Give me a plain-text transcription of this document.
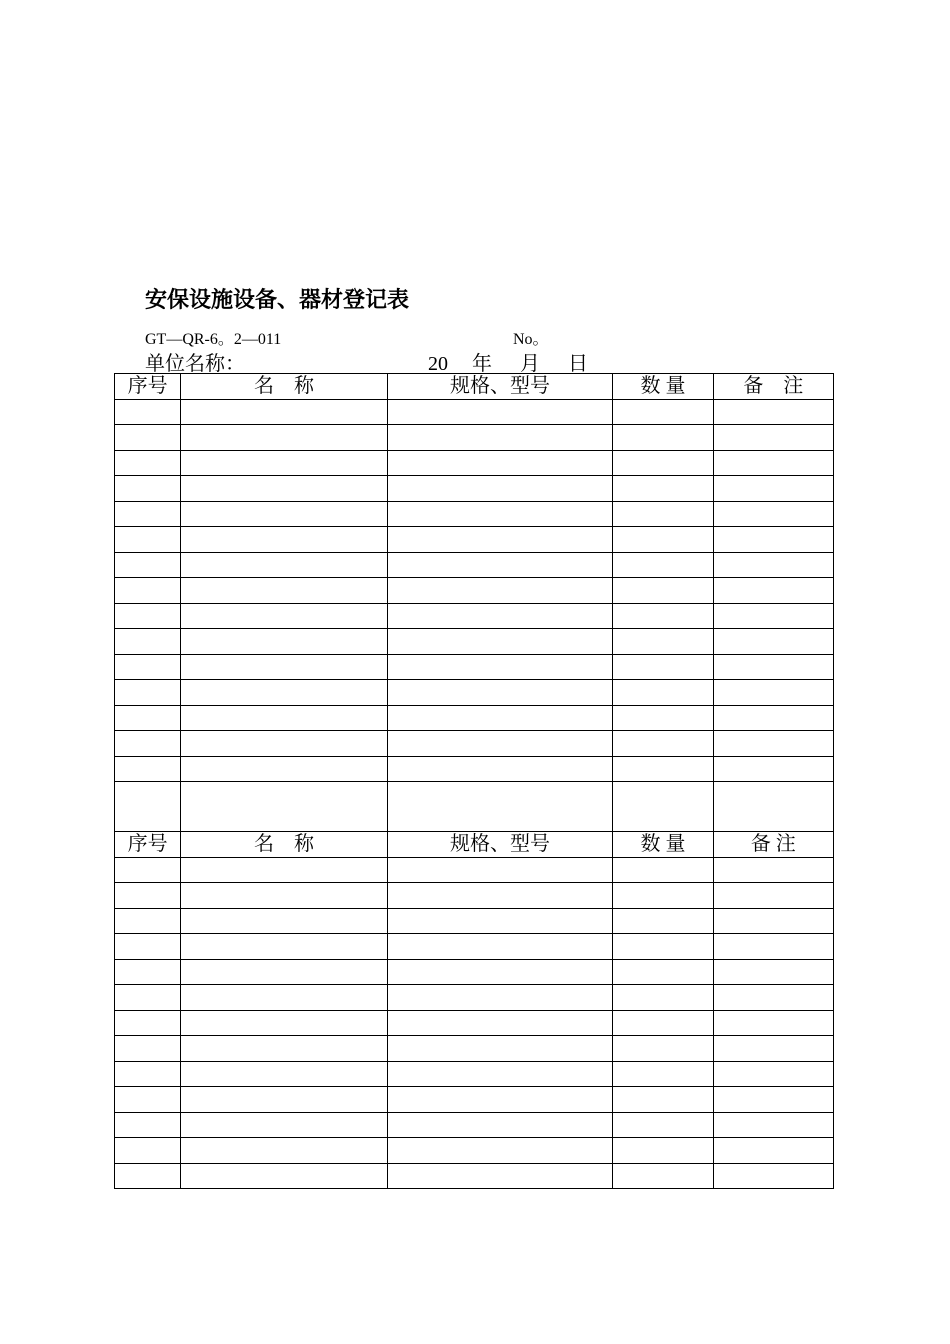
安保设施设备、器材登记表
GT—QR-6。2—011	No。
单位名称：	20 年 月 日
序号	名　称	规格、型号	数 量	备　注

序号	名　称	规格、型号	数 量	备 注
